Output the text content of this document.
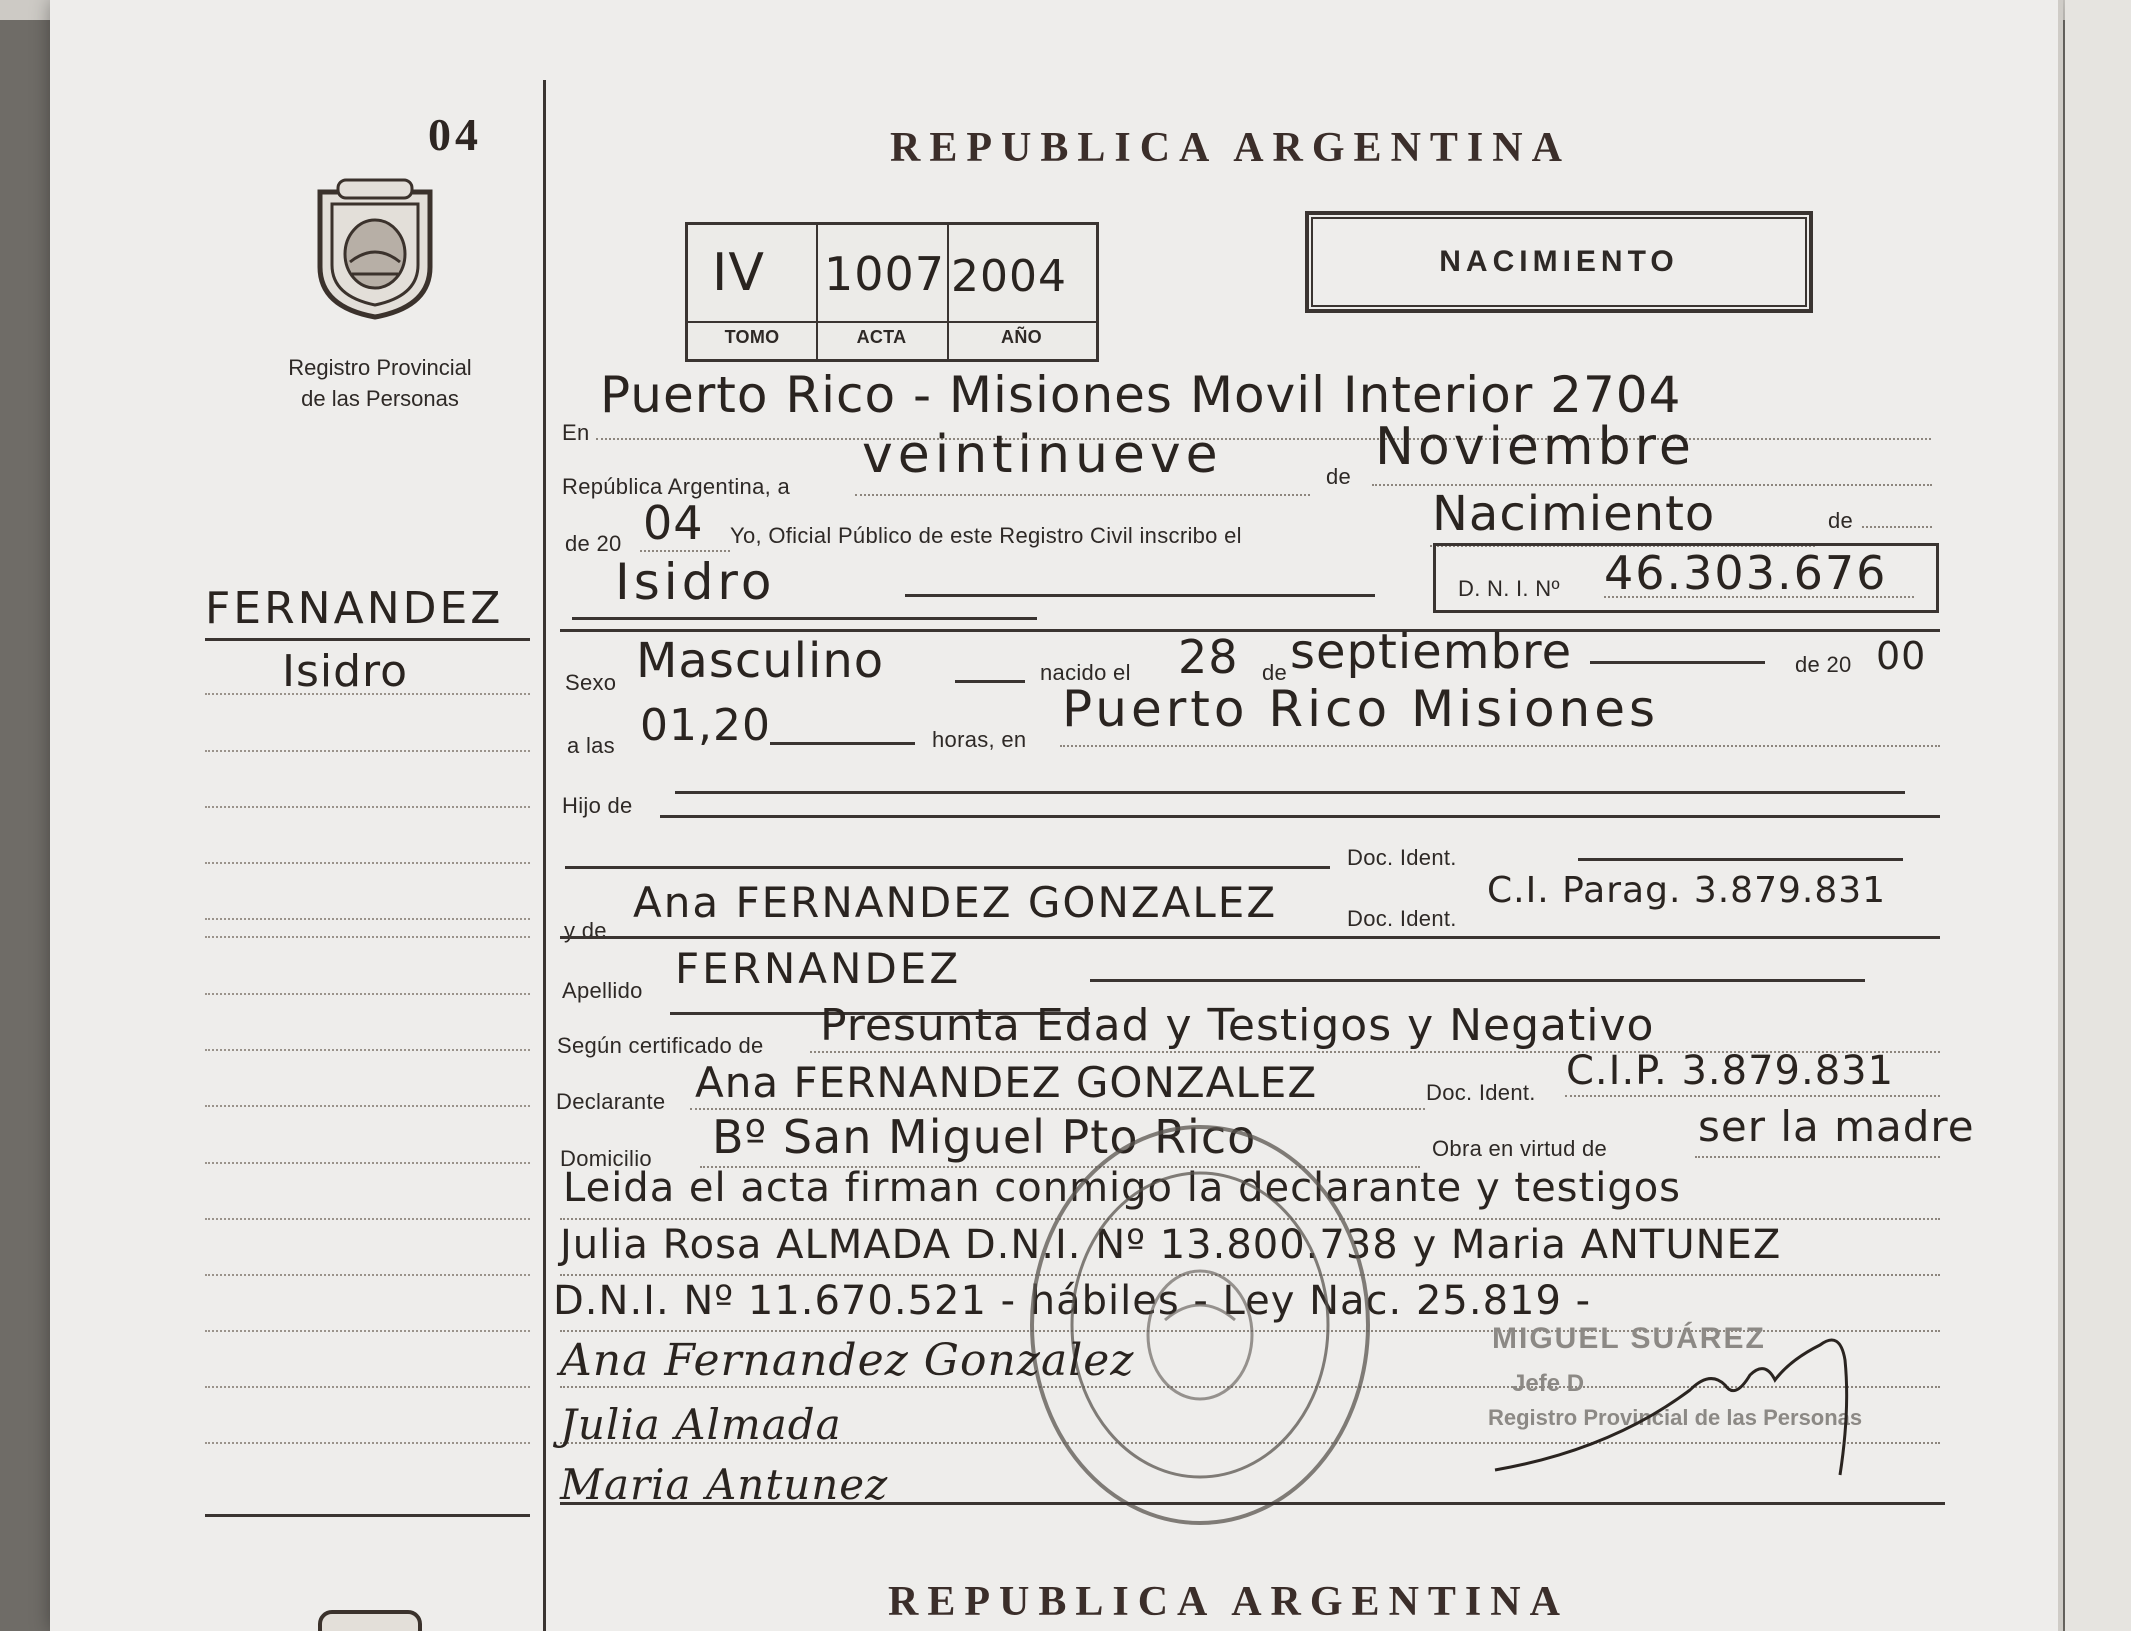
04
Registro Provincial
de las Personas
FERNANDEZ
Isidro
REPUBLICA ARGENTINA
IV 1007 2004
TOMO	ACTA	AÑO
NACIMIENTO
En
Puerto Rico - Misiones Movil Interior 2704
República Argentina, a
veintinueve	de Noviembre
de 20 04 Yo, Oficial Público de este Registro Civil inscribo el	Nacimiento	de
Isidro	D. N. I. Nº 46.303.676
Sexo Masculino	nacido el 28 de septiembre	de 20 00
a las 01,20	horas, en
Puerto Rico Misiones
Hijo de
Doc. Ident.
y de
Ana FERNANDEZ GONZALEZ	Doc. Ident.
C.I. Parag. 3.879.831
Apellido FERNANDEZ
Según certificado de Presunta Edad y Testigos y Negativo
Declarante Ana FERNANDEZ GONZALEZ	Doc. Ident. C.I.P. 3.879.831
Domicilio Bº San Miguel Pto Rico	Obra en virtud de ser la madre
Leida el acta firman conmigo la declarante y testigos
Julia Rosa ALMADA D.N.I. Nº 13.800.738 y Maria ANTUNEZ
D.N.I. Nº 11.670.521 - hábiles - Ley Nac. 25.819 -
Ana Fernandez Gonzalez
Julia Almada
Maria Antunez
MIGUEL SUÁREZ
Jefe D
Registro Provincial de las Personas
REPUBLICA ARGENTINA
